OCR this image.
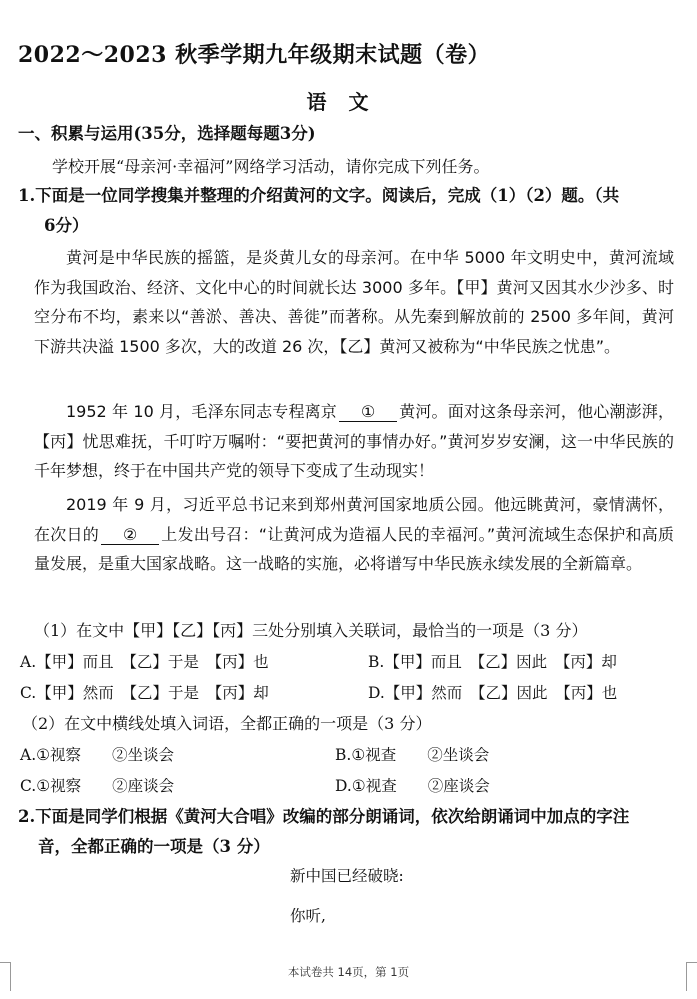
2022～2023 秋季学期九年级期末试题（卷）
语文
一、积累与运用(35分，选择题每题3分)
学校开展“母亲河·幸福河”网络学习活动，请你完成下列任务。
1.下面是一位同学搜集并整理的介绍黄河的文字。阅读后，完成（1）（2）题。（共
6分）
黄河是中华民族的摇篮，是炎黄儿女的母亲河。在中华 5000 年文明史中，黄河流域作为我国政治、经济、文化中心的时间就长达 3000 多年。【甲】黄河又因其水少沙多、时空分布不均，素来以“善淤、善决、善徙”而著称。从先秦到解放前的 2500 多年间，黄河下游共决溢 1500 多次，大的改道 26 次，【乙】黄河又被称为“中华民族之忧患”。
1952 年 10 月，毛泽东同志专程离京 ① 黄河。面对这条母亲河，他心潮澎湃，【丙】忧思难抚，千叮咛万嘱咐：“要把黄河的事情办好。”黄河岁岁安澜，这一中华民族的千年梦想，终于在中国共产党的领导下变成了生动现实！
2019 年 9 月，习近平总书记来到郑州黄河国家地质公园。他远眺黄河，豪情满怀，在次日的 ② 上发出号召：“让黄河成为造福人民的幸福河。”黄河流域生态保护和高质量发展，是重大国家战略。这一战略的实施，必将谱写中华民族永续发展的全新篇章。
（1）在文中【甲】【乙】【丙】三处分别填入关联词，最恰当的一项是（3 分）
A.【甲】而且　【乙】于是　【丙】也	B.【甲】而且　【乙】因此　【丙】却
C.【甲】然而　【乙】于是　【丙】却	D.【甲】然而　【乙】因此　【丙】也
（2）在文中横线处填入词语，全都正确的一项是（3 分）
A.①视察　　②坐谈会	B.①视查　　②坐谈会
C.①视察　　②座谈会	D.①视查　　②座谈会
2.下面是同学们根据《黄河大合唱》改编的部分朗诵词，依次给朗诵词中加点的字注
音，全都正确的一项是（3 分）
新中国已经破晓:
你听,
本试卷共 14页，第 1页
